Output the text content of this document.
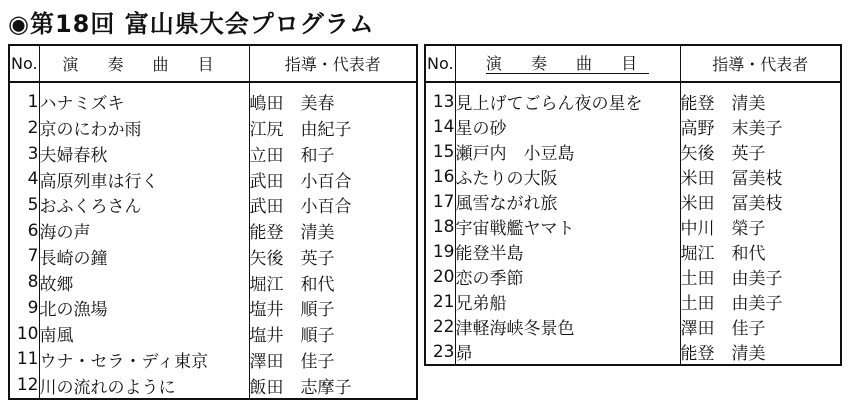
◉第18回 富山県大会プログラム
No.	演 奏 曲 目	指導・代表者
1	ハナミズキ	嶋田　美春
2	京のにわか雨	江尻　由紀子
3	夫婦春秋	立田　和子
4	高原列車は行く	武田　小百合
5	おふくろさん	武田　小百合
6	海の声	能登　清美
7	長崎の鐘	矢後　英子
8	故郷	堀江　和代
9	北の漁場	塩井　順子
10	南風	塩井　順子
11	ウナ・セラ・ディ東京	澤田　佳子
12	川の流れのように	飯田　志摩子
No.	演 奏 曲 目	指導・代表者
13	見上げてごらん夜の星を	能登　清美
14	星の砂	高野　末美子
15	瀬戸内　小豆島	矢後　英子
16	ふたりの大阪	米田　冨美枝
17	風雪ながれ旅	米田　冨美枝
18	宇宙戦艦ヤマト	中川　榮子
19	能登半島	堀江　和代
20	恋の季節	土田　由美子
21	兄弟船	土田　由美子
22	津軽海峡冬景色	澤田　佳子
23	昴	能登　清美
